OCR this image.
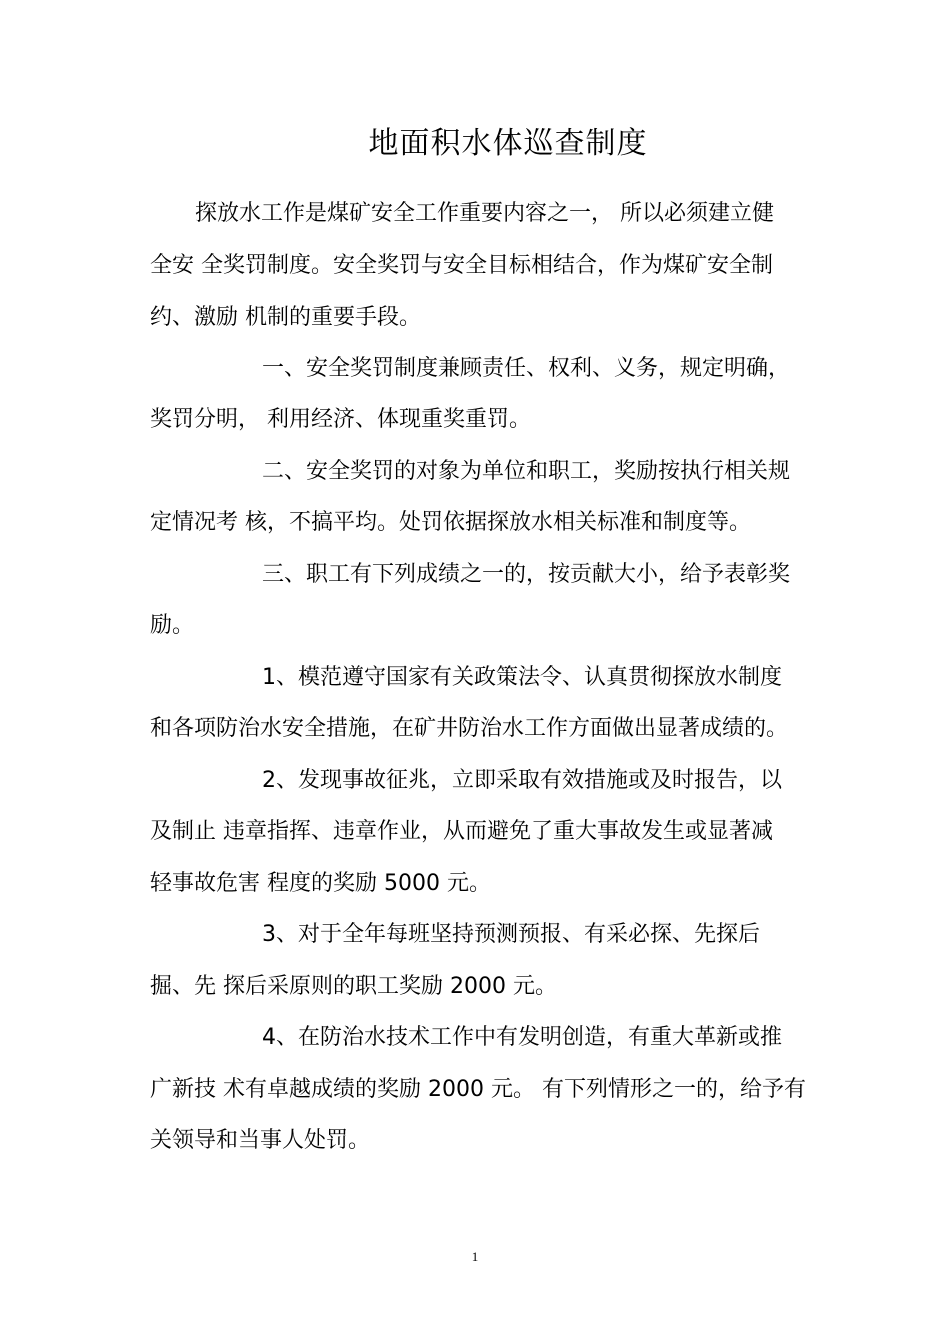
地面积水体巡查制度
探放水工作是煤矿安全工作重要内容之一， 所以必须建立健
全安 全奖罚制度。安全奖罚与安全目标相结合，作为煤矿安全制
约、激励 机制的重要手段。
一、安全奖罚制度兼顾责任、权利、义务，规定明确，
奖罚分明， 利用经济、体现重奖重罚。
二、安全奖罚的对象为单位和职工，奖励按执行相关规
定情况考 核，不搞平均。处罚依据探放水相关标准和制度等。
三、职工有下列成绩之一的，按贡献大小，给予表彰奖
励。
1、模范遵守国家有关政策法令、认真贯彻探放水制度
和各项防治水安全措施，在矿井防治水工作方面做出显著成绩的。
2、发现事故征兆，立即采取有效措施或及时报告，以
及制止 违章指挥、违章作业，从而避免了重大事故发生或显著减
轻事故危害 程度的奖励 5000 元。
3、对于全年每班坚持预测预报、有采必探、先探后
掘、先 探后采原则的职工奖励 2000 元。
4、在防治水技术工作中有发明创造，有重大革新或推
广新技 术有卓越成绩的奖励 2000 元。 有下列情形之一的，给予有
关领导和当事人处罚。
1
